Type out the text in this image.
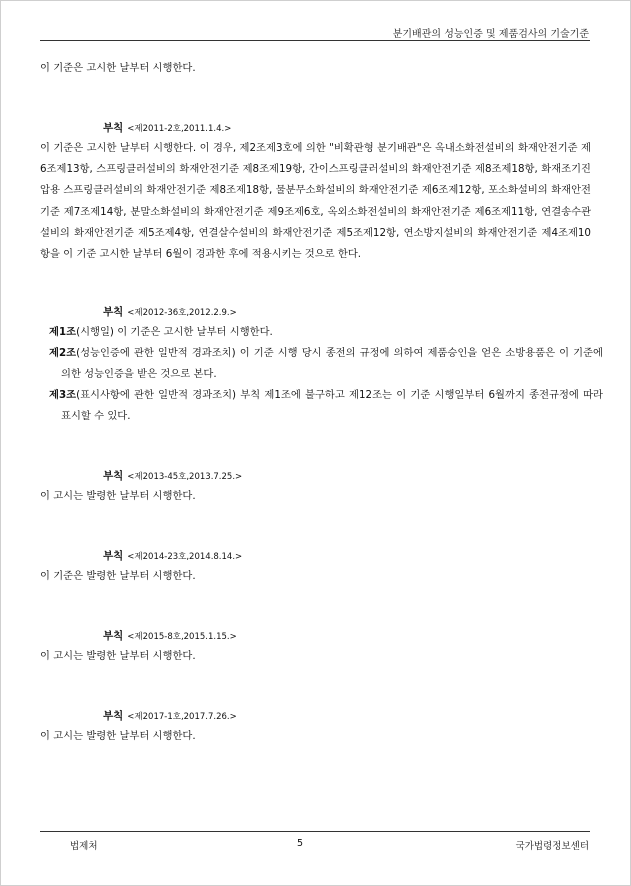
분기배관의 성능인증 및 제품검사의 기술기준
이 기준은 고시한 날부터 시행한다.
부칙 <제2011-2호,2011.1.4.>
이 기준은 고시한 날부터 시행한다. 이 경우, 제2조제3호에 의한 "비확관형 분기배관"은 옥내소화전설비의 화재안전기준 제6조제13항, 스프링클러설비의 화재안전기준 제8조제19항, 간이스프링클러설비의 화재안전기준 제8조제18항, 화재조기진압용 스프링클러설비의 화재안전기준 제8조제18항, 물분무소화설비의 화재안전기준 제6조제12항, 포소화설비의 화재안전기준 제7조제14항, 분말소화설비의 화재안전기준 제9조제6호, 옥외소화전설비의 화재안전기준 제6조제11항, 연결송수관설비의 화재안전기준 제5조제4항, 연결살수설비의 화재안전기준 제5조제12항, 연소방지설비의 화재안전기준 제4조제10항을 이 기준 고시한 날부터 6월이 경과한 후에 적용시키는 것으로 한다.
부칙 <제2012-36호,2012.2.9.>
제1조(시행일) 이 기준은 고시한 날부터 시행한다.
제2조(성능인증에 관한 일반적 경과조치) 이 기준 시행 당시 종전의 규정에 의하여 제품승인을 얻은 소방용품은 이 기준에 의한 성능인증을 받은 것으로 본다.
제3조(표시사항에 관한 일반적 경과조치) 부칙 제1조에 불구하고 제12조는 이 기준 시행일부터 6월까지 종전규정에 따라 표시할 수 있다.
부칙 <제2013-45호,2013.7.25.>
이 고시는 발령한 날부터 시행한다.
부칙 <제2014-23호,2014.8.14.>
이 기준은 발령한 날부터 시행한다.
부칙 <제2015-8호,2015.1.15.>
이 고시는 발령한 날부터 시행한다.
부칙 <제2017-1호,2017.7.26.>
이 고시는 발령한 날부터 시행한다.
법제처	5	국가법령정보센터
